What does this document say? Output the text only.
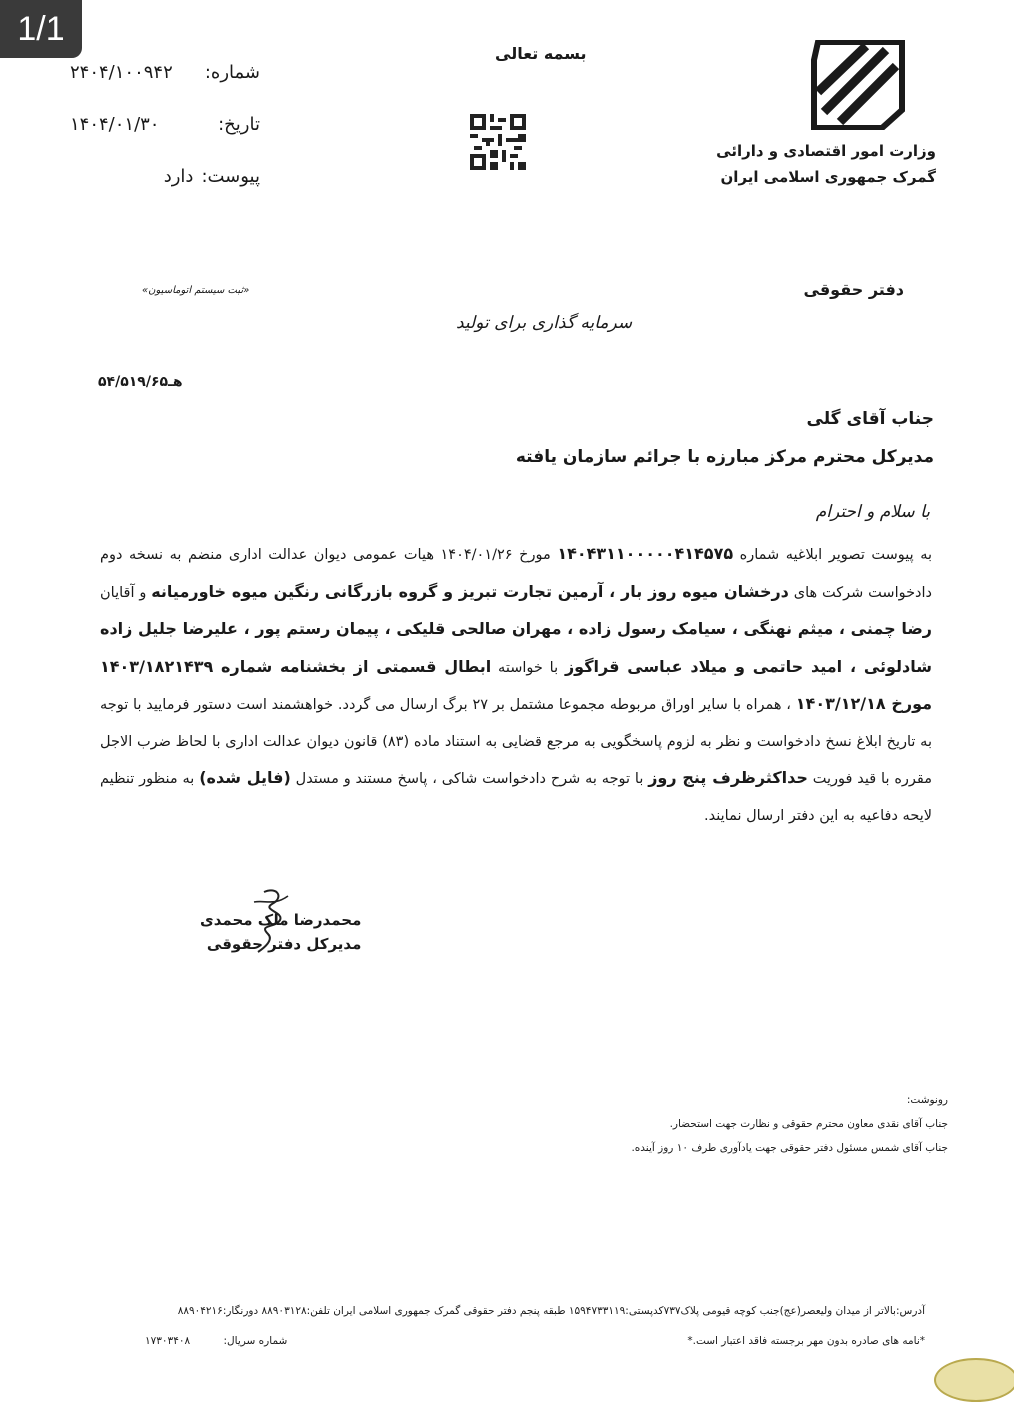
1/1
وزارت امور اقتصادی و دارائی
گمرک جمهوری اسلامی ایران
بسمه تعالی
شماره:
۲۴۰۴/۱۰۰۹۴۲
تاریخ:
۱۴۰۴/۰۱/۳۰
پیوست:
دارد
دفتر حقوقی
«ثبت سیستم اتوماسیون»
سرمایه گذاری برای تولید
هـ۵۴/۵۱۹/۶۵
جناب آقای گلی
مدیرکل محترم مرکز مبارزه با جرائم سازمان یافته
با سلام و احترام
به پیوست تصویر ابلاغیه شماره ۱۴۰۴۳۱۱۰۰۰۰۰۴۱۴۵۷۵ مورخ ۱۴۰۴/۰۱/۲۶ هیات عمومی دیوان عدالت اداری منضم به نسخه دوم دادخواست شرکت های درخشان میوه روز بار ، آرمین تجارت تبریز و گروه بازرگانی رنگین میوه خاورمیانه و آقایان رضا چمنی ، میثم نهنگی ، سیامک رسول زاده ، مهران صالحی قلیکی ، پیمان رستم پور ، علیرضا جلیل زاده شادلوئی ، امید حاتمی و میلاد عباسی قراگوز با خواسته ابطال قسمتی از بخشنامه شماره ۱۴۰۳/۱۸۲۱۴۳۹ مورخ ۱۴۰۳/۱۲/۱۸ ، همراه با سایر اوراق مربوطه مجموعا مشتمل بر ۲۷ برگ ارسال می گردد. خواهشمند است دستور فرمایید با توجه به تاریخ ابلاغ نسخ دادخواست و نظر به لزوم پاسخگویی به مرجع قضایی به استناد ماده (۸۳) قانون دیوان عدالت اداری با لحاظ ضرب الاجل مقرره با قید فوریت حداکثرظرف پنج روز با توجه به شرح دادخواست شاکی ، پاسخ مستند و مستدل (فایل شده) به منظور تنظیم لایحه دفاعیه به این دفتر ارسال نمایند.
محمدرضا ملک محمدی
مدیرکل دفتر حقوقی
رونوشت:
جناب آقای نقدی معاون محترم حقوقی و نظارت جهت استحضار.
جناب آقای شمس مسئول دفتر حقوقی جهت یادآوری طرف ۱۰ روز آینده.
آدرس:بالاتر از میدان ولیعصر(عج)جنب کوچه قیومی پلاک۷۳۷کدپستی:۱۵۹۴۷۳۳۱۱۹ طبقه پنجم دفتر حقوقی گمرک جمهوری اسلامی ایران تلفن:۸۸۹۰۳۱۲۸ دورنگار:۸۸۹۰۴۲۱۶
*نامه های صادره بدون مهر برجسته فاقد اعتبار است.*
شماره سریال: ۱۷۳۰۳۴۰۸
